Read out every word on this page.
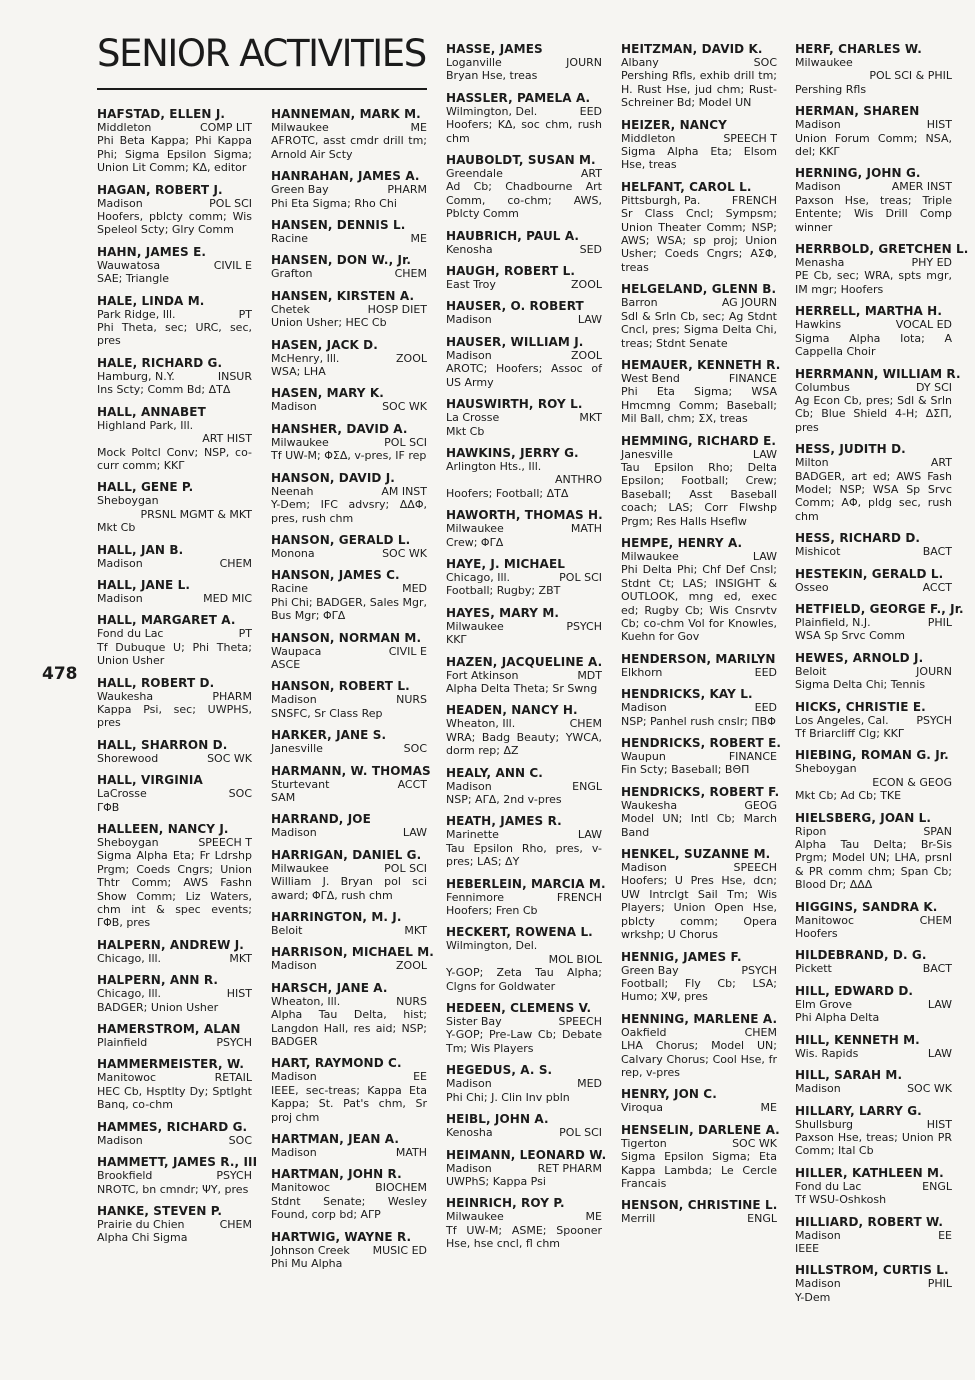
SENIOR ACTIVITIES
478
HAFSTAD, ELLEN J.
Middleton	COMP LIT
Phi Beta Kappa; Phi Kappa Phi; Sigma Epsilon Sigma; Union Lit Comm; ΚΔ, editor
HAGAN, ROBERT J.
Madison	POL SCI
Hoofers, pblcty comm; Wis Speleol Scty; Glry Comm
HAHN, JAMES E.
Wauwatosa	CIVIL E
SAE; Triangle
HALE, LINDA M.
Park Ridge, Ill.	PT
Phi Theta, sec; URC, sec, pres
HALE, RICHARD G.
Hamburg, N.Y.	INSUR
Ins Scty; Comm Bd; ΔΤΔ
HALL, ANNABET
Highland Park, Ill.
ART HIST
Mock Poltcl Conv; NSP, co-curr comm; ΚΚΓ
HALL, GENE P.
Sheboygan
PRSNL MGMT & MKT
Mkt Cb
HALL, JAN B.
Madison	CHEM
HALL, JANE L.
Madison	MED MIC
HALL, MARGARET A.
Fond du Lac	PT
Tf Dubuque U; Phi Theta; Union Usher
HALL, ROBERT D.
Waukesha	PHARM
Kappa Psi, sec; UWPHS, pres
HALL, SHARRON D.
Shorewood	SOC WK
HALL, VIRGINIA
LaCrosse	SOC
ΓΦΒ
HALLEEN, NANCY J.
Sheboygan	SPEECH T
Sigma Alpha Eta; Fr Ldrshp Prgm; Coeds Cngrs; Union Thtr Comm; AWS Fashn Show Comm; Liz Waters, chm int & spec events; ΓΦΒ, pres
HALPERN, ANDREW J.
Chicago, Ill.	MKT
HALPERN, ANN R.
Chicago, Ill.	HIST
BADGER; Union Usher
HAMERSTROM, ALAN
Plainfield	PSYCH
HAMMERMEISTER, W.
Manitowoc	RETAIL
HEC Cb, Hsptlty Dy; Sptlght Banq, co-chm
HAMMES, RICHARD G.
Madison	SOC
HAMMETT, JAMES R., III
Brookfield	PSYCH
NROTC, bn cmndr; ΨΥ, pres
HANKE, STEVEN P.
Prairie du Chien	CHEM
Alpha Chi Sigma
HANNEMAN, MARK M.
Milwaukee	ME
AFROTC, asst cmdr drill tm; Arnold Air Scty
HANRAHAN, JAMES A.
Green Bay	PHARM
Phi Eta Sigma; Rho Chi
HANSEN, DENNIS L.
Racine	ME
HANSEN, DON W., Jr.
Grafton	CHEM
HANSEN, KIRSTEN A.
Chetek	HOSP DIET
Union Usher; HEC Cb
HASEN, JACK D.
McHenry, Ill.	ZOOL
WSA; LHA
HASEN, MARY K.
Madison	SOC WK
HANSHER, DAVID A.
Milwaukee	POL SCI
Tf UW-M; ΦΣΔ, v-pres, IF rep
HANSON, DAVID J.
Neenah	AM INST
Y-Dem; IFC advsry; ΔΔΦ, pres, rush chm
HANSON, GERALD L.
Monona	SOC WK
HANSON, JAMES C.
Racine	MED
Phi Chi; BADGER, Sales Mgr, Bus Mgr; ΦΓΔ
HANSON, NORMAN M.
Waupaca	CIVIL E
ASCE
HANSON, ROBERT L.
Madison	NURS
SNSFC, Sr Class Rep
HARKER, JANE S.
Janesville	SOC
HARMANN, W. THOMAS
Sturtevant	ACCT
SAM
HARRAND, JOE
Madison	LAW
HARRIGAN, DANIEL G.
Milwaukee	POL SCI
William J. Bryan pol sci award; ΦΓΔ, rush chm
HARRINGTON, M. J.
Beloit	MKT
HARRISON, MICHAEL M.
Madison	ZOOL
HARSCH, JANE A.
Wheaton, Ill.	NURS
Alpha Tau Delta, hist; Langdon Hall, res aid; NSP; BADGER
HART, RAYMOND C.
Madison	EE
IEEE, sec-treas; Kappa Eta Kappa; St. Pat's chm, Sr proj chm
HARTMAN, JEAN A.
Madison	MATH
HARTMAN, JOHN R.
Manitowoc	BIOCHEM
Stdnt Senate; Wesley Found, corp bd; ΑΓΡ
HARTWIG, WAYNE R.
Johnson Creek	MUSIC ED
Phi Mu Alpha
HASSE, JAMES
Loganville	JOURN
Bryan Hse, treas
HASSLER, PAMELA A.
Wilmington, Del.	EED
Hoofers; ΚΔ, soc chm, rush chm
HAUBOLDT, SUSAN M.
Greendale	ART
Ad Cb; Chadbourne Art Comm, co-chm; AWS, Pblcty Comm
HAUBRICH, PAUL A.
Kenosha	SED
HAUGH, ROBERT L.
East Troy	ZOOL
HAUSER, O. ROBERT
Madison	LAW
HAUSER, WILLIAM J.
Madison	ZOOL
AROTC; Hoofers; Assoc of US Army
HAUSWIRTH, ROY L.
La Crosse	MKT
Mkt Cb
HAWKINS, JERRY G.
Arlington Hts., Ill.
ANTHRO
Hoofers; Football; ΔΤΔ
HAWORTH, THOMAS H.
Milwaukee	MATH
Crew; ΦΓΔ
HAYE, J. MICHAEL
Chicago, Ill.	POL SCI
Football; Rugby; ΖΒΤ
HAYES, MARY M.
Milwaukee	PSYCH
ΚΚΓ
HAZEN, JACQUELINE A.
Fort Atkinson	MDT
Alpha Delta Theta; Sr Swng
HEADEN, NANCY H.
Wheaton, Ill.	CHEM
WRA; Badg Beauty; YWCA, dorm rep; ΔΖ
HEALY, ANN C.
Madison	ENGL
NSP; ΑΓΔ, 2nd v-pres
HEATH, JAMES R.
Marinette	LAW
Tau Epsilon Rho, pres, v-pres; LAS; ΔΥ
HEBERLEIN, MARCIA M.
Fennimore	FRENCH
Hoofers; Fren Cb
HECKERT, ROWENA L.
Wilmington, Del.
MOL BIOL
Y-GOP; Zeta Tau Alpha; Clgns for Goldwater
HEDEEN, CLEMENS V.
Sister Bay	SPEECH
Y-GOP; Pre-Law Cb; Debate Tm; Wis Players
HEGEDUS, A. S.
Madison	MED
Phi Chi; J. Clin Inv pbln
HEIBL, JOHN A.
Kenosha	POL SCI
HEIMANN, LEONARD W.
Madison	RET PHARM
UWPhS; Kappa Psi
HEINRICH, ROY P.
Milwaukee	ME
Tf UW-M; ASME; Spooner Hse, hse cncl, fl chm
HEITZMAN, DAVID K.
Albany	SOC
Pershing Rfls, exhib drill tm; H. Rust Hse, jud chm; Rust-Schreiner Bd; Model UN
HEIZER, NANCY
Middleton	SPEECH T
Sigma Alpha Eta; Elsom Hse, treas
HELFANT, CAROL L.
Pittsburgh, Pa.	FRENCH
Sr Class Cncl; Sympsm; Union Theater Comm; NSP; AWS; WSA; sp proj; Union Usher; Coeds Cngrs; ΑΣΦ, treas
HELGELAND, GLENN B.
Barron	AG JOURN
Sdl & Srln Cb, sec; Ag Stdnt Cncl, pres; Sigma Delta Chi, treas; Stdnt Senate
HEMAUER, KENNETH R.
West Bend	FINANCE
Phi Eta Sigma; WSA Hmcmng Comm; Baseball; Mil Ball, chm; ΣΧ, treas
HEMMING, RICHARD E.
Janesville	LAW
Tau Epsilon Rho; Delta Epsilon; Football; Crew; Baseball; Asst Baseball coach; LAS; Corr Flwshp Prgm; Res Halls Hseflw
HEMPE, HENRY A.
Milwaukee	LAW
Phi Delta Phi; Chf Def Cnsl; Stdnt Ct; LAS; INSIGHT & OUTLOOK, mng ed, exec ed; Rugby Cb; Wis Cnsrvtv Cb; co-chm Vol for Knowles, Kuehn for Gov
HENDERSON, MARILYN
Elkhorn	EED
HENDRICKS, KAY L.
Madison	EED
NSP; Panhel rush cnslr; ΠΒΦ
HENDRICKS, ROBERT E.
Waupun	FINANCE
Fin Scty; Baseball; ΒΘΠ
HENDRICKS, ROBERT F.
Waukesha	GEOG
Model UN; Intl Cb; March Band
HENKEL, SUZANNE M.
Madison	SPEECH
Hoofers; U Pres Hse, dcn; UW Intrclgt Sail Tm; Wis Players; Union Open Hse, pblcty comm; Opera wrkshp; U Chorus
HENNIG, JAMES F.
Green Bay	PSYCH
Football; Fly Cb; LSA; Humo; ΧΨ, pres
HENNING, MARLENE A.
Oakfield	CHEM
LHA Chorus; Model UN; Calvary Chorus; Cool Hse, fr rep, v-pres
HENRY, JON C.
Viroqua	ME
HENSELIN, DARLENE A.
Tigerton	SOC WK
Sigma Epsilon Sigma; Eta Kappa Lambda; Le Cercle Francais
HENSON, CHRISTINE L.
Merrill	ENGL
HERF, CHARLES W.
Milwaukee
POL SCI & PHIL
Pershing Rfls
HERMAN, SHAREN
Madison	HIST
Union Forum Comm; NSA, del; ΚΚΓ
HERNING, JOHN G.
Madison	AMER INST
Paxson Hse, treas; Triple Entente; Wis Drill Comp winner
HERRBOLD, GRETCHEN L.
Menasha	PHY ED
PE Cb, sec; WRA, spts mgr, IM mgr; Hoofers
HERRELL, MARTHA H.
Hawkins	VOCAL ED
Sigma Alpha Iota; A Cappella Choir
HERRMANN, WILLIAM R.
Columbus	DY SCI
Ag Econ Cb, pres; Sdl & Srln Cb; Blue Shield 4-H; ΔΣΠ, pres
HESS, JUDITH D.
Milton	ART
BADGER, art ed; AWS Fash Model; NSP; WSA Sp Srvc Comm; ΑΦ, pldg sec, rush chm
HESS, RICHARD D.
Mishicot	BACT
HESTEKIN, GERALD L.
Osseo	ACCT
HETFIELD, GEORGE F., Jr.
Plainfield, N.J.	PHIL
WSA Sp Srvc Comm
HEWES, ARNOLD J.
Beloit	JOURN
Sigma Delta Chi; Tennis
HICKS, CHRISTIE E.
Los Angeles, Cal.	PSYCH
Tf Briarcliff Clg; ΚΚΓ
HIEBING, ROMAN G. Jr.
Sheboygan
ECON & GEOG
Mkt Cb; Ad Cb; ΤΚΕ
HIELSBERG, JOAN L.
Ripon	SPAN
Alpha Tau Delta; Br-Sis Prgm; Model UN; LHA, prsnl & PR comm chm; Span Cb; Blood Dr; ΔΔΔ
HIGGINS, SANDRA K.
Manitowoc	CHEM
Hoofers
HILDEBRAND, D. G.
Pickett	BACT
HILL, EDWARD D.
Elm Grove	LAW
Phi Alpha Delta
HILL, KENNETH M.
Wis. Rapids	LAW
HILL, SARAH M.
Madison	SOC WK
HILLARY, LARRY G.
Shullsburg	HIST
Paxson Hse, treas; Union PR Comm; Ital Cb
HILLER, KATHLEEN M.
Fond du Lac	ENGL
Tf WSU-Oshkosh
HILLIARD, ROBERT W.
Madison	EE
IEEE
HILLSTROM, CURTIS L.
Madison	PHIL
Y-Dem
